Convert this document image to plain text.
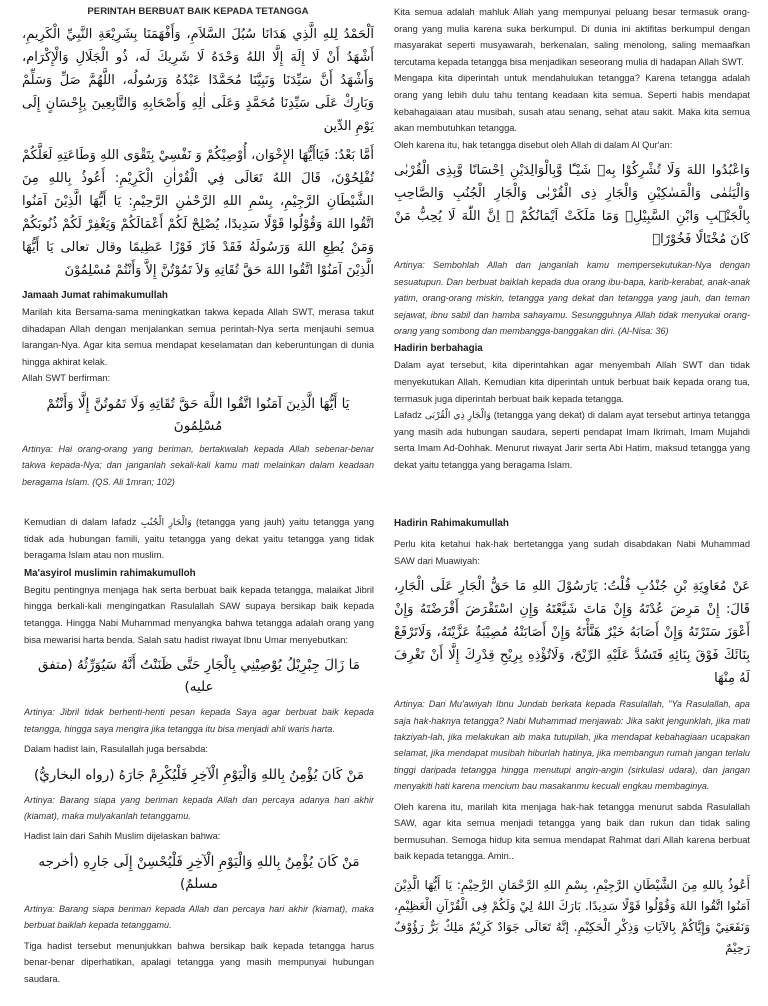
PERINTAH BERBUAT BAIK KEPADA TETANGGA

اَلْحَمْدُ لِلهِ الَّذِي هَدَانَا سُبُلَ السَّلاَمِ، وَأَفْهَمَنَا بِشَرِيْعَةِ النَّبِيِّ الْكَرِيمِ، أَشْهَدُ أَنْ لَا إِلَهَ إِلَّا اللهُ وَحْدَهُ لَا شَرِيكَ لَه، ذُو الْجَلَالِ وَالْإِكْرَام، وَأَشْهَدُ أَنَّ سَيِّدَنَا وَنَبِيَّنَا مُحَمَّدًا عَبْدُهُ وَرَسُولُه، اللَّهُمَّ صَلِّ وَسَلِّمْ وَبَارِكْ عَلَى سَيِّدِنَا مُحَمَّدٍ وَعَلَى اٰلِهِ وَأَصْحَابِهِ وَالتَّابِعِينَ بِإِحْسَانٍ إِلَى يَوْمِ الدِّين

أَمَّا بَعْدُ: فَيَاأَيُّهَا الإِخْوَان، أُوْصِيْكُمْ وَ نَفْسِيْ بِتَقْوَى اللهِ وَطَاعَتِهِ لَعَلَّكُمْ تُفْلِحُوْنَ، قَالَ اللهُ تَعَالَى فِي الْقُرْاٰنِ الْكَرِيْمِ: أَعُوذُ بِاللهِ مِنَ الشَّيْطَانِ الرَّجِيْمِ، بِسْمِ اللهِ الرَّحْمٰنِ الرَّحِيْمِ: يَا أَيُّهَا الَّذِيْنَ آمَنُوا اتَّقُوا اللهَ وَقُوْلُوا قَوْلًا سَدِيدًا، يُصْلِحْ لَكُمْ أَعْمَالَكُمْ وَيَغْفِرْ لَكُمْ ذُنُوبَكُمْ وَمَنْ يُطِعِ اللهَ وَرَسُولَهُ فَقَدْ فَازَ فَوْزًا عَظِيمًا وقال تعالى يَا أَيُّهَا الَّذِيْنَ آمَنُوْا اتَّقُوا اللهَ حَقَّ تُقَاتِهِ وَلاَ تَمُوْتُنَّ إِلاَّ وَأَنْتُمْ مُسْلِمُوْنَ

Jamaah Jumat rahimakumullah

Marilah kita Bersama-sama meningkatkan takwa kepada Allah SWT, merasa takut dihadapan Allah dengan menjalankan semua perintah-Nya serta menjauhi semua larangan-Nya. Agar kita semua mendapat keselamatan dan keberuntungan di dunia hingga akhirat kelak.

Allah SWT berfirman:

يَا أَيُّهَا الَّذِينَ آمَنُوا اتَّقُوا اللَّهَ حَقَّ تُقَاتِهِ وَلَا تَمُوتُنَّ إِلَّا وَأَنْتُمْ مُسْلِمُونَ

Artinya: Hai orang-orang yang beriman, bertakwalah kepada Allah sebenar-benar takwa kepada-Nya; dan janganlah sekali-kali kamu mati melainkan dalam keadaan beragama Islam. (QS. Ali 1mran; 102)

Kita semua adalah mahluk Allah yang mempunyai peluang besar termasuk orang-orang yang mulia karena suka berkumpul. Di dunia ini aktifitas berkumpul dengan masyarakat seperti musyawarah, berkenalan, saling menolong, saling memaafkan tercutama kepada tetangga bisa menjadikan seseorang mulia di hadapan Allah SWT.

Mengapa kita diperintah untuk mendahulukan tetangga? Karena tetangga adalah orang yang lebih dulu tahu tentang keadaan kita semua. Seperti habis mendapat kebahagaiaan atau musibah, susah atau senang, sehat atau sakit. Maka kita semua akan membutuhkan tetangga.

Oleh karena itu, hak tetangga disebut oleh Allah di dalam Al Qur'an:

وَاعْبُدُوا اللهَ وَلَا تُشْرِكُوْا بِهٖ شَيْـًٔا وَّبِالْوَالِدَيْنِ اِحْسَانًا وَّبِذِى الْقُرْبٰى وَالْيَتٰمٰى وَالْمَسٰكِيْنِ وَالْجَارِ ذِى الْقُرْبٰى وَالْجَارِ الْجُنُبِ وَالصَّاحِبِ بِالْجَنْۢبِ وَابْنِ السَّبِيْلِۙ وَمَا مَلَكَتْ اَيْمَانُكُمْ ۗ اِنَّ اللّٰهَ لَا يُحِبُّ مَنْ كَانَ مُخْتَالًا فَخُوْرًاۙ

Artinya: Sembohlah Allah dan janganlah kamu mempersekutukan-Nya dengan sesuatupun. Dan berbuat baiklah kepada dua orang ibu-bapa, karib-kerabat, anak-anak yatim, orang-orang miskin, tetangga yang dekat dan tetangga yang jauh, dan teman sejawat, ibnu sabil dan hamba sahayamu. Sesungguhnya Allah tidak menyukai orang-orang yang sombong dan membangga-banggakan diri. (Al-Nisa: 36)

Hadirin berbahagia

Dalam ayat tersebut, kita diperintahkan agar menyembah Allah SWT dan tidak menyekutukan Allah. Kemudian kita diperintah untuk berbuat baik kepada orang tua, termasuk juga diperintah berbuat baik kepada tetangga.

Lafadz وَالْجَارِ ذِي الْقُرْبَى (tetangga yang dekat) di dalam ayat tersebut artinya tetangga yang masih ada hubungan saudara, seperti pendapat Imam Ikrimah, Imam Mujahdi serta Imam Ad-Dohhak. Menurut riwayat Jarir serta Abi Hatim, maksud tetangga yang dekat yaitu tetangga yang beragama Islam.

Kemudian di dalam lafadz وَالْجَارِ الْجُنُبِ (tetangga yang jauh) yaitu tetangga yang tidak ada hubungan famili, yaitu tetangga yang dekat yaitu tetangga yang tidak beragama Islam atau non muslim.

Ma'asyirol muslimin rahimakumulloh

Begitu pentingnya menjaga hak serta berbuat baik kepada tetangga, malaikat Jibril hingga berkali-kali mengingatkan Rasulallah SAW supaya bersikap baik kepada tetangga. Hingga Nabi Muhammad menyangka bahwa tetangga adalah orang yang bisa mewarisi harta benda. Salah satu hadist riwayat Ibnu Umar menyebutkan:

مَا زَالَ جِبْرِيْلُ يُوْصِيْنِي بِالْجَارِ حَتَّى ظَنَنْتُ أَنَّهُ سَيُوَرِّثُهُ (متفق عليه)

Artinya: Jibril tidak berhenti-henti pesan kepada Saya agar berbuat baik kepada tetangga, hingga saya mengira jika tetangga itu bisa menjadi ahli waris harta.

Dalam hadist lain, Rasulallah juga bersabda:

مَنْ كَانَ يُؤْمِنُ بِاللهِ وَالْيَوْمِ الْآخِرِ فَلْيُكْرِمْ جَارَهُ (رواه البخاريُّ)

Artinya: Barang siapa yang beriman kepada Allah dan percaya adanya hari akhir (kiamat), maka mulyakanlah tetanggamu.

Hadist lain dari Sahih Muslim dijelaskan bahwa:

مَنْ كَانَ يُؤْمِنُ بِاللهِ وَالْيَوْمِ الْآخِرِ فَلْيُحْسِنْ إِلَى جَارِهِ (أخرجه مسلمٌ)

Artinya: Barang siapa beriman kepada Allah dan percaya hari akhir (kiamat), maka berbuat baiklah kepada tetanggamu.

Tiga hadist tersebut menunjukkan bahwa bersikap baik kepada tetangga harus benar-benar diperhatikan, apalagi tetangga yang masih mempunyai hubungan saudara.

Hadirin Rahimakumullah

Perlu kita ketahui hak-hak bertetangga yang sudah disabdakan Nabi Muhammad SAW dari Muawiyah:

عَنْ مُعَاوِيَةِ بْنِ جُنْدُبِ قُلْتُ: يَارَسُوْلَ اللهِ مَا حَقُّ الْجَارِ عَلَى الْجَارِ، قَالَ: إِنْ مَرِضَ عُدْتَهُ وَإِنْ مَاتَ شَيَّعْتَهُ وَإِنِ اسْتَقْرَضَ أَقْرَضْتَهُ وَإِنْ أَعْوَزَ سَتَرْتَهُ وَإِنْ أَصَابَهُ خَيْرٌ هَنَّأْتَهُ وَإِنْ أَصَابَتْهُ مُصِيْبَةٌ عَزَّيْتَهُ، وَلَاتَرْفَعْ بِنَائَكَ فَوْقَ بِنَائِهِ فَتَسُدَّ عَلَيْهِ الرِّيْحَ، وَلَاتُؤْذِهِ بِرِيْحِ قِدْرِكَ إِلَّا أَنْ تَغْرِفَ لَهُ مِنْهَا

Artinya: Dari Mu'awiyah Ibnu Jundab berkata kepada Rasulallah, "Ya Rasulallah, apa saja hak-haknya tetangga? Nabi Muhammad menjawab: Jika sakit jengunklah, jika mati takziyah-lah, jika melakukan aib maka tutupilah, jika mendapat kebahagiaan ucapakan selamat, jika mendapat musibah hiburlah hatinya, jika membangun rumah jangan terlalu tinggi daripada tetangga hingga menutupi angin-angin (sirkulasi udara), dan jangan menyakiti hati karena mencium bau masakanmu kecuali engkau membaginya.

Oleh karena itu, marilah kita menjaga hak-hak tetangga menurut sabda Rasulallah SAW, agar kita semua menjadi tetangga yang baik dan rukun dan tidak saling bermusuhan. Semoga hidup kita semua mendapat Rahmat dari Allah karena berbuat baik kepada tetangga. Amin..

أَعُوذُ بِاللهِ مِنَ الشَّيْطَانِ الرَّجِيْمِ، بِسْمِ اللهِ الرَّحْمَانِ الرَّحِيْمِ: يَا أَيُّهَا الَّذِيْنَ آمَنُوا اتَّقُوا اللهَ وَقُوْلُوا قَوْلًا سَدِيدًا. بَارَكَ اللهُ لِيْ وَلَكُمْ فِى الْقُرْآنِ الْعَظِيْمِ، وَنَفَعَنِيْ وَإِيَّاكُمْ بِالآيَاتِ وَذِكْرِ الْحَكِيْمِ. إنَّهُ تَعَالَى جَوَادٌ كَرِيْمٌ مَلِكٌ بَرٌّ رَؤُوْفٌ رَحِيْمٌ
